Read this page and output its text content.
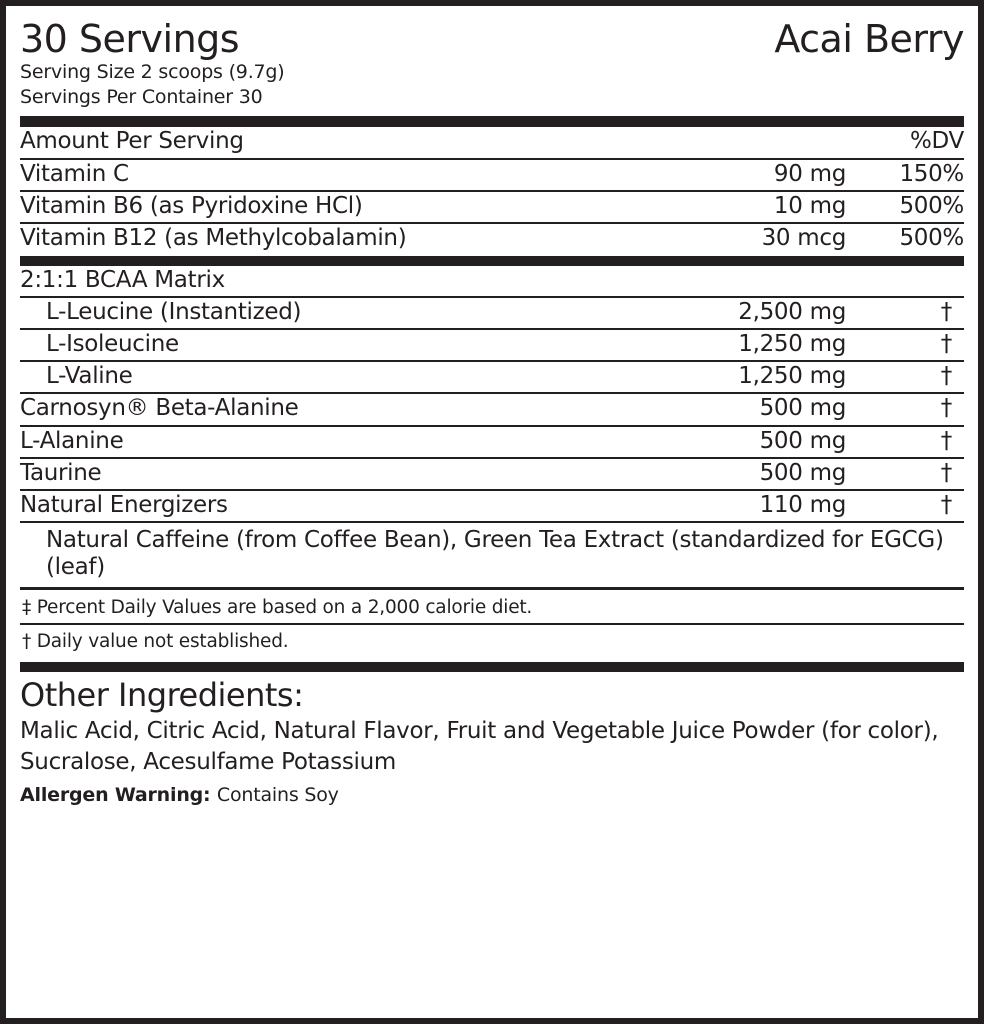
30 Servings	Acai Berry
Serving Size 2 scoops (9.7g)
Servings Per Container 30
Amount Per Serving		%DV
Vitamin C	90 mg	150%
Vitamin B6 (as Pyridoxine HCl)	10 mg	500%
Vitamin B12 (as Methylcobalamin)	30 mcg	500%
2:1:1 BCAA Matrix		
L-Leucine (Instantized)	2,500 mg	†
L-Isoleucine	1,250 mg	†
L-Valine	1,250 mg	†
Carnosyn® Beta-Alanine	500 mg	†
L-Alanine	500 mg	†
Taurine	500 mg	†
Natural Energizers	110 mg	†
Natural Caffeine (from Coffee Bean), Green Tea Extract (standardized for EGCG) (leaf)		
‡ Percent Daily Values are based on a 2,000 calorie diet.
† Daily value not established.
Other Ingredients:
Malic Acid, Citric Acid, Natural Flavor, Fruit and Vegetable Juice Powder (for color), Sucralose, Acesulfame Potassium
Allergen Warning: Contains Soy
